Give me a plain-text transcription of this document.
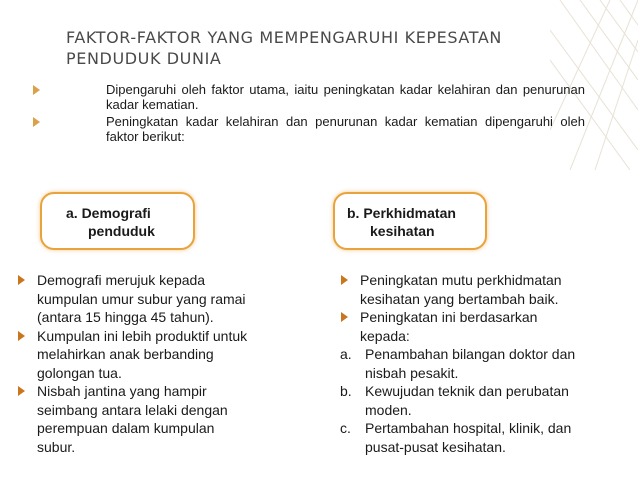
FAKTOR-FAKTOR YANG MEMPENGARUHI KEPESATAN
PENDUDUK DUNIA
Dipengaruhi oleh faktor utama, iaitu peningkatan kadar kelahiran dan penurunan kadar kematian.
Peningkatan kadar kelahiran dan penurunan kadar kematian dipengaruhi oleh faktor berikut:
a. Demografi
penduduk
b. Perkhidmatan
kesihatan
Demografi merujuk kepada
kumpulan umur subur yang ramai
(antara 15 hingga 45 tahun).
Kumpulan ini lebih produktif untuk
melahirkan anak berbanding
golongan tua.
Nisbah jantina yang hampir
seimbang antara lelaki dengan
perempuan dalam kumpulan
subur.
Peningkatan mutu perkhidmatan
kesihatan yang bertambah baik.
Peningkatan ini berdasarkan
kepada:
a. Penambahan bilangan doktor dan
nisbah pesakit.
b. Kewujudan teknik dan perubatan
moden.
c. Pertambahan hospital, klinik, dan
pusat-pusat kesihatan.
